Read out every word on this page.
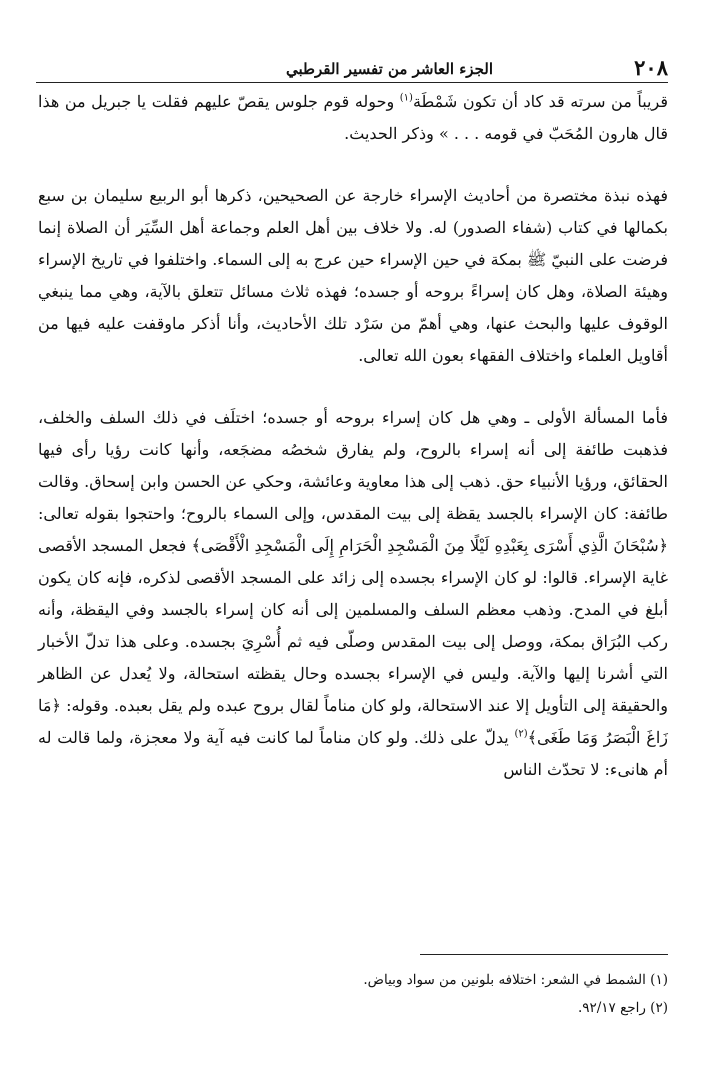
٢٠٨
الجزء العاشر من تفسير القرطبي

قريباً من سرته قد كاد أن تكون شَمْطَة$^{(١)}$ وحوله قوم جلوس يقصّ عليهم فقلت يا جبريل من هذا قال هارون المُحَبّ في قومه . . . » وذكر الحديث.

فهذه نبذة مختصرة من أحاديث الإسراء خارجة عن الصحيحين، ذكرها أبو الربيع سليمان بن سبع بكمالها في كتاب (شفاء الصدور) له. ولا خلاف بين أهل العلم وجماعة أهل السِّيَر أن الصلاة إنما فرضت على النبيّ ﷺ بمكة في حين الإسراء حين عرج به إلى السماء. واختلفوا في تاريخ الإسراء وهيئة الصلاة، وهل كان إسراءً بروحه أو جسده؛ فهذه ثلاث مسائل تتعلق بالآية، وهي مما ينبغي الوقوف عليها والبحث عنها، وهي أهمّ من سَرْد تلك الأحاديث، وأنا أذكر ماوقفت عليه فيها من أقاويل العلماء واختلاف الفقهاء بعون الله تعالى.

فأما المسألة الأولى ـ وهي هل كان إسراء بروحه أو جسده؛ اختلَف في ذلك السلف والخلف، فذهبت طائفة إلى أنه إسراء بالروح، ولم يفارق شخصُه مضجَعه، وأنها كانت رؤيا رأى فيها الحقائق، ورؤيا الأنبياء حق. ذهب إلى هذا معاوية وعائشة، وحكي عن الحسن وابن إسحاق. وقالت طائفة: كان الإسراء بالجسد يقظة إلى بيت المقدس، وإلى السماء بالروح؛ واحتجوا بقوله تعالى: ﴿سُبْحَانَ الَّذِي أَسْرَى بِعَبْدِهِ لَيْلًا مِنَ الْمَسْجِدِ الْحَرَامِ إِلَى الْمَسْجِدِ الْأَقْصَى﴾ فجعل المسجد الأقصى غاية الإسراء. قالوا: لو كان الإسراء بجسده إلى زائد على المسجد الأقصى لذكره، فإنه كان يكون أبلغ في المدح. وذهب معظم السلف والمسلمين إلى أنه كان إسراء بالجسد وفي اليقظة، وأنه ركب البُرَاق بمكة، ووصل إلى بيت المقدس وصلّى فيه ثم أُسْرِيَ بجسده. وعلى هذا تدلّ الأخبار التي أشرنا إليها والآية. وليس في الإسراء بجسده وحال يقظته استحالة، ولا يُعدل عن الظاهر والحقيقة إلى التأويل إلا عند الاستحالة، ولو كان مناماً لقال بروح عبده ولم يقل بعبده. وقوله: ﴿مَا زَاغَ الْبَصَرُ وَمَا طَغَى﴾$^{(٢)}$ يدلّ على ذلك. ولو كان مناماً لما كانت فيه آية ولا معجزة، ولما قالت له أم هانىء: لا تحدّث الناس

(١) الشمط في الشعر: اختلافه بلونين من سواد وبياض.
(٢) راجع ٩٢/١٧.
